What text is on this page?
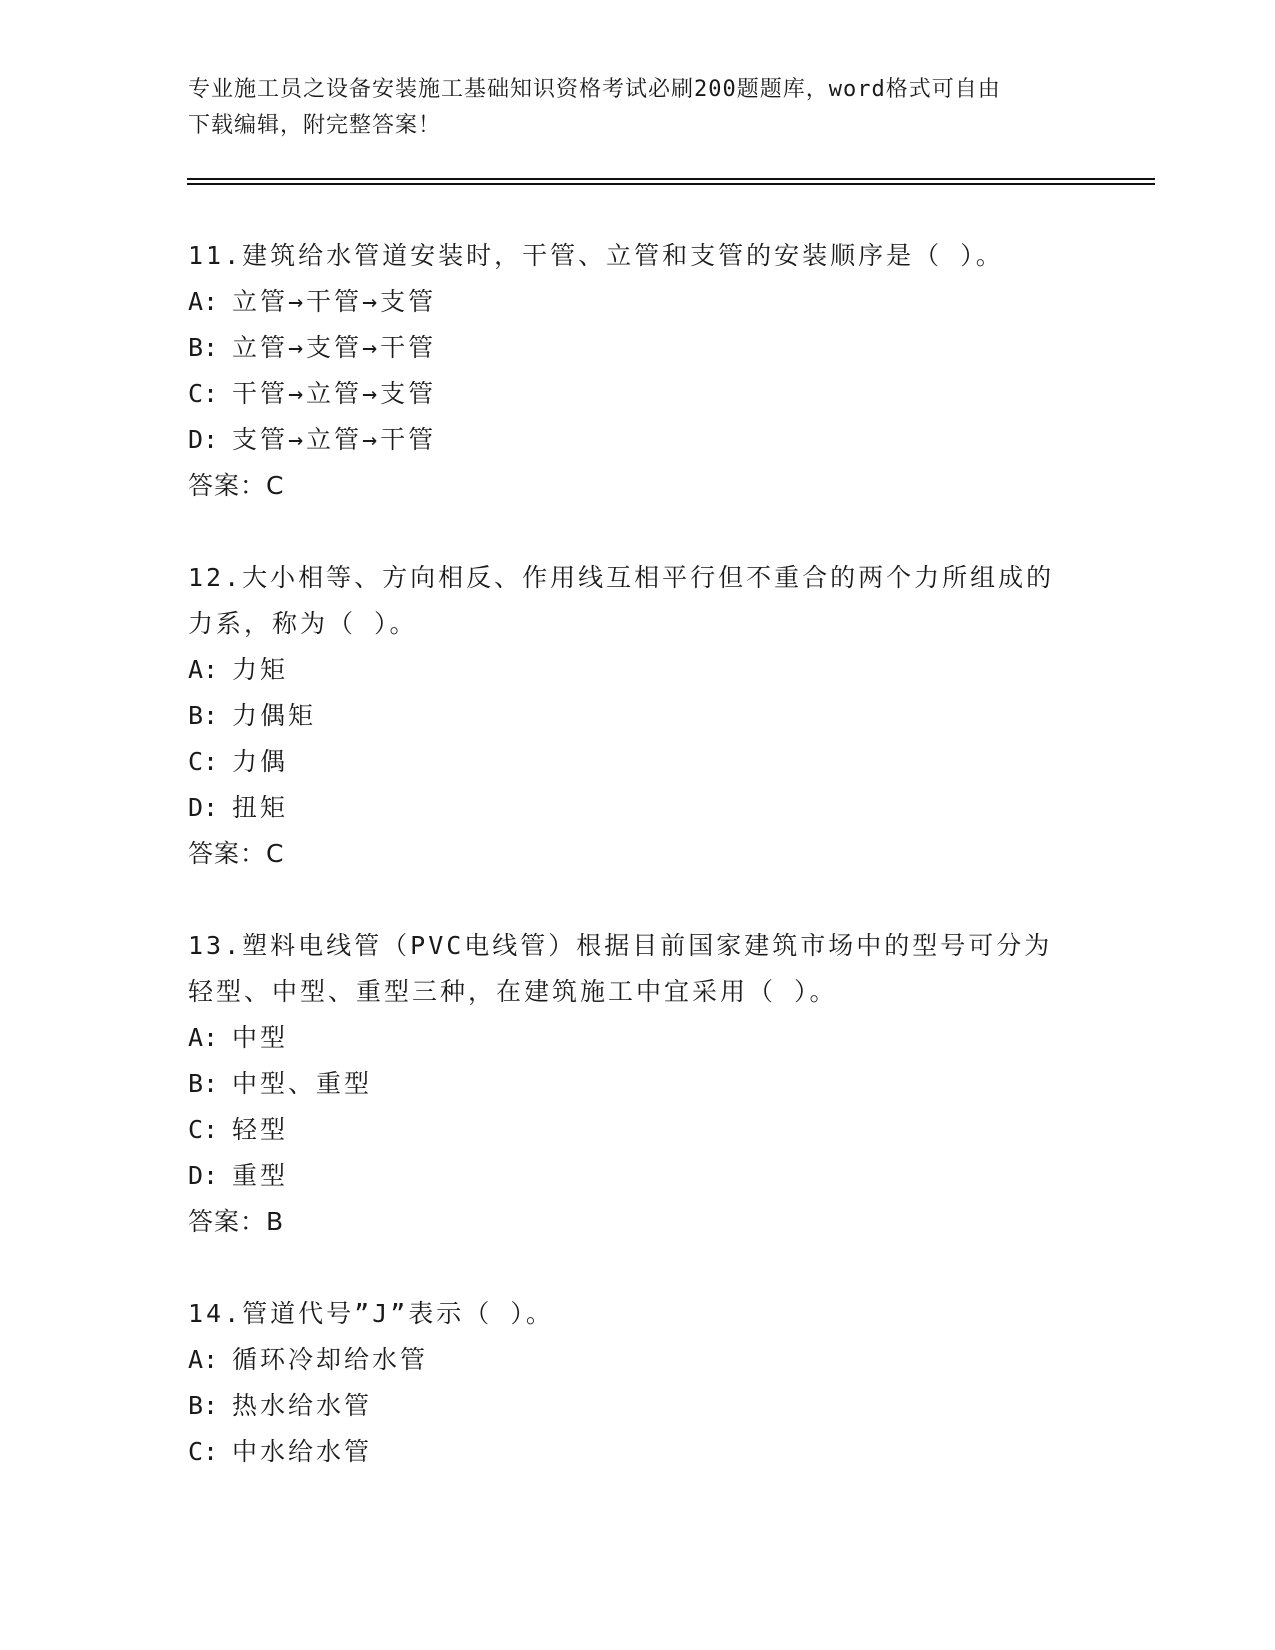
专业施工员之设备安装施工基础知识资格考试必刷200题题库，word格式可自由
下载编辑，附完整答案！
11.建筑给水管道安装时，干管、立管和支管的安装顺序是（ ）。
A: 立管→干管→支管
B: 立管→支管→干管
C: 干管→立管→支管
D: 支管→立管→干管
答案：C
12.大小相等、方向相反、作用线互相平行但不重合的两个力所组成的
力系，称为（ ）。
A: 力矩
B: 力偶矩
C: 力偶
D: 扭矩
答案：C
13.塑料电线管（PVC电线管）根据目前国家建筑市场中的型号可分为
轻型、中型、重型三种，在建筑施工中宜采用（ ）。
A: 中型
B: 中型、重型
C: 轻型
D: 重型
答案：B
14.管道代号”J”表示（ ）。
A: 循环冷却给水管
B: 热水给水管
C: 中水给水管
